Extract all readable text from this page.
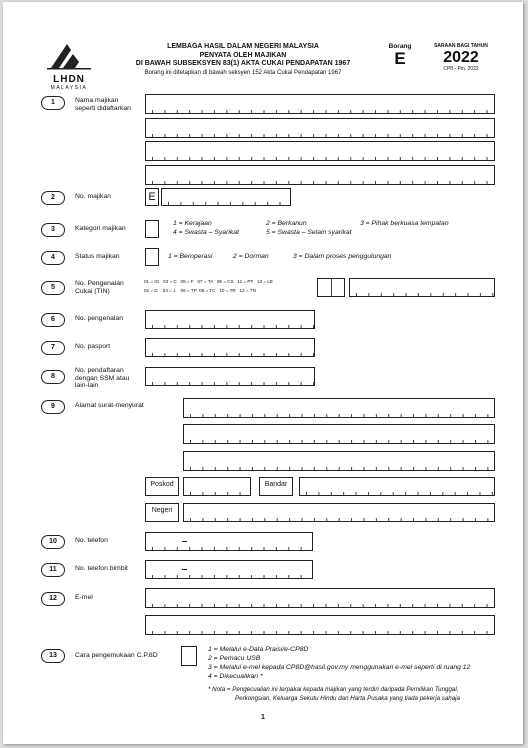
LHDN
MALAYSIA
LEMBAGA HASIL DALAM NEGERI MALAYSIA
PENYATA OLEH MAJIKAN
DI BAWAH SUBSEKSYEN 83(1) AKTA CUKAI PENDAPATAN 1967
Borang ini ditetapkan di bawah seksyen 152 Akta Cukai Pendapatan 1967
Borang
E
SARAAN BAGI TAHUN
2022
CP8 - Pin. 2022
1	Nama majikan seperti didaftarkan
2	No. majikan	E
3	Kategori majikan
1 = Kerajaan	2 = Berkanun	3 = Pihak berkuasa tempatan
4 = Swasta – Syarikat	5 = Swasta – Selain syarikat
4	Status majikan	1 = Beroperasi	2 = Dorman	3 = Dalam proses penggulungan
5
No. Pengenalan Cukai (TIN)
01 = IG   03 = C   05 = F   07 = TA   09 = CS   11 = PT   13 = LE
02 = D    04 = J    06 = TP  08 = TC   10 = TR   12 = TN
6	No. pengenalan
7	No. pasport
8
No. pendaftaran dengan SSM atau lain-lain
9	Alamat surat-menyurat
Poskod	Bandar
Negeri
10	No. telefon
11	No. telefon bimbit
12	E-mel
13	Cara pengemukaan C.P.8D
1 = Melalui e-Data Praisi/e-CP8D
2 = Pemacu USB
3 = Melalui e-mel kepada CP8D@hasil.gov.my menggunakan e-mel seperti di ruang 12
4 = Dikecualikan *
* Nota = Pengecualian ini terpakai kepada majikan yang terdiri daripada Pemilikan Tunggal,
Perkongsian, Keluarga Sekutu Hindu dan Harta Pusaka yang tiada pekerja sahaja
1
